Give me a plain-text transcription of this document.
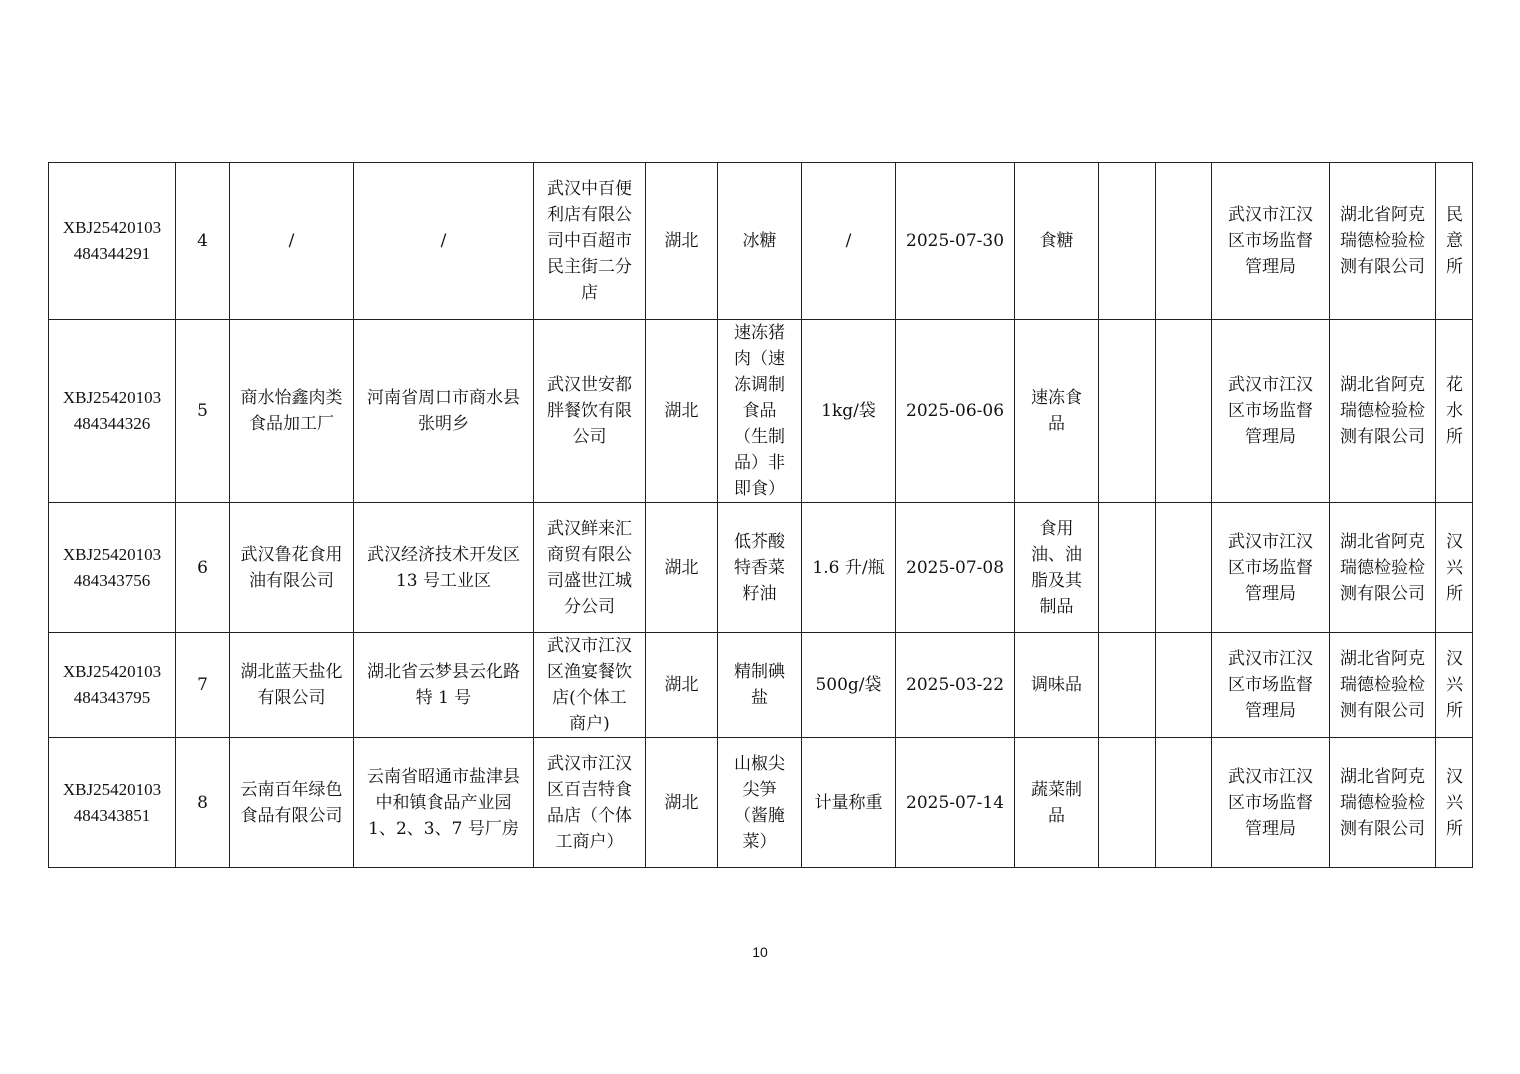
XBJ25420103484344291	4	/	/	武汉中百便利店有限公司中百超市民主街二分店	湖北	冰糖	/	2025-07-30	食糖			武汉市江汉区市场监督管理局	湖北省阿克瑞德检验检测有限公司	民意所
XBJ25420103484344326	5	商水怡鑫肉类食品加工厂	河南省周口市商水县张明乡	武汉世安都胖餐饮有限公司	湖北	速冻猪肉（速冻调制食品（生制品）非即食）	1kg/袋	2025-06-06	速冻食品			武汉市江汉区市场监督管理局	湖北省阿克瑞德检验检测有限公司	花水所
XBJ25420103484343756	6	武汉鲁花食用油有限公司	武汉经济技术开发区 13 号工业区	武汉鲜来汇商贸有限公司盛世江城分公司	湖北	低芥酸特香菜籽油	1.6 升/瓶	2025-07-08	食用油、油脂及其制品			武汉市江汉区市场监督管理局	湖北省阿克瑞德检验检测有限公司	汉兴所
XBJ25420103484343795	7	湖北蓝天盐化有限公司	湖北省云梦县云化路特 1 号	武汉市江汉区渔宴餐饮店(个体工商户)	湖北	精制碘盐	500g/袋	2025-03-22	调味品			武汉市江汉区市场监督管理局	湖北省阿克瑞德检验检测有限公司	汉兴所
XBJ25420103484343851	8	云南百年绿色食品有限公司	云南省昭通市盐津县中和镇食品产业园 1、2、3、7 号厂房	武汉市江汉区百吉特食品店（个体工商户）	湖北	山椒尖尖笋（酱腌菜）	计量称重	2025-07-14	蔬菜制品			武汉市江汉区市场监督管理局	湖北省阿克瑞德检验检测有限公司	汉兴所
10
